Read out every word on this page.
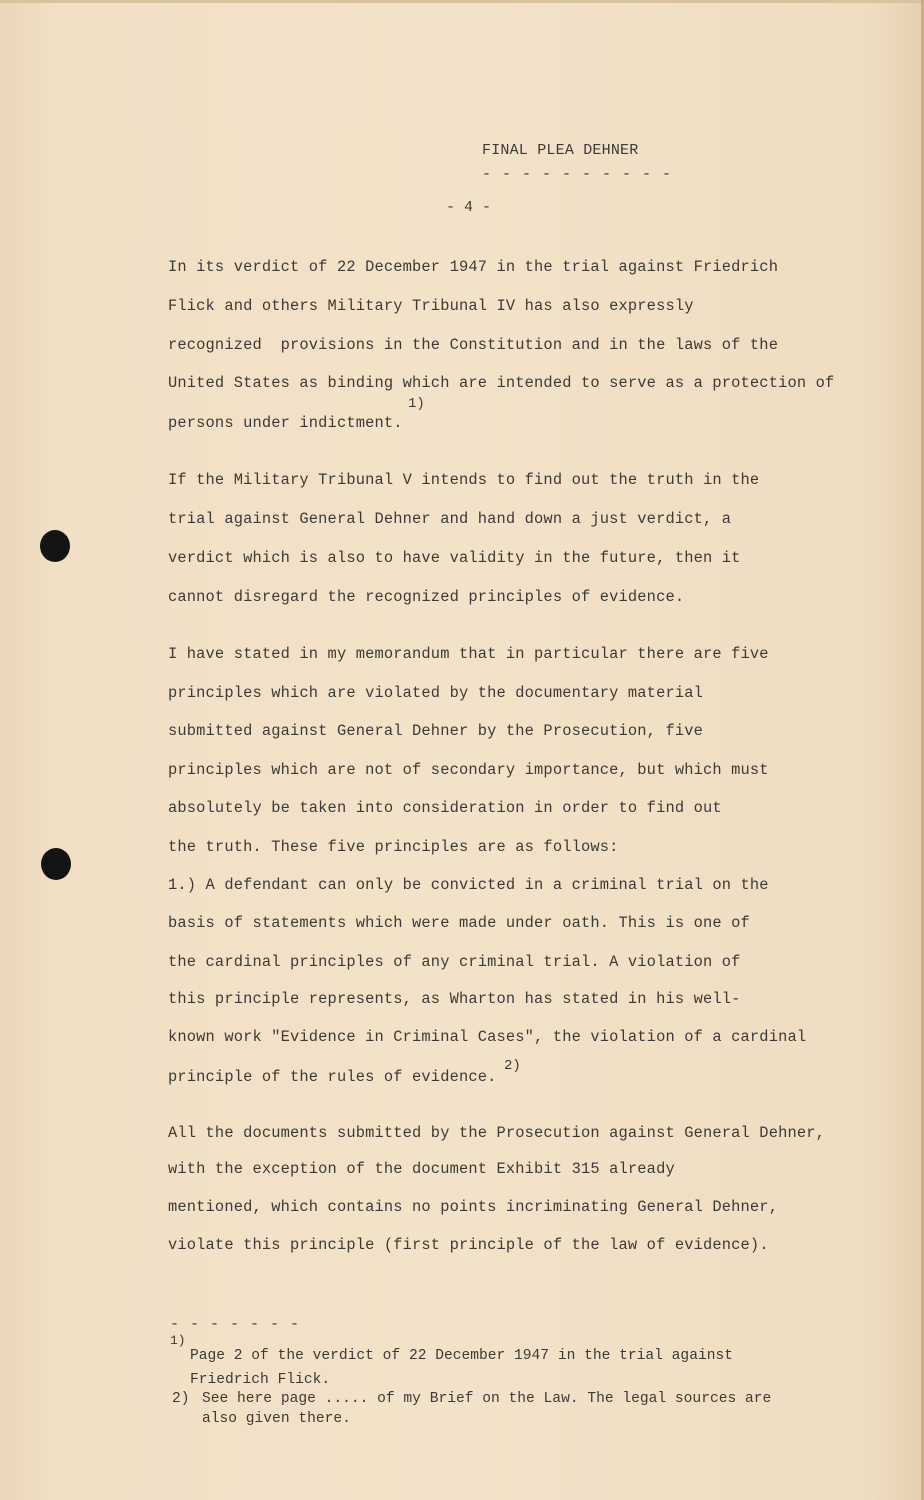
FINAL PLEA DEHNER
- - - - - - - - - -
- 4 -
In its verdict of 22 December 1947 in the trial against Friedrich
Flick and others Military Tribunal IV has also expressly
recognized  provisions in the Constitution and in the laws of the
United States as binding which are intended to serve as a protection of
persons under indictment.
1)
If the Military Tribunal V intends to find out the truth in the
trial against General Dehner and hand down a just verdict, a
verdict which is also to have validity in the future, then it
cannot disregard the recognized principles of evidence.
I have stated in my memorandum that in particular there are five
principles which are violated by the documentary material
submitted against General Dehner by the Prosecution, five
principles which are not of secondary importance, but which must
absolutely be taken into consideration in order to find out
the truth. These five principles are as follows:
1.) A defendant can only be convicted in a criminal trial on the
basis of statements which were made under oath. This is one of
the cardinal principles of any criminal trial. A violation of
this principle represents, as Wharton has stated in his well-
known work "Evidence in Criminal Cases", the violation of a cardinal
principle of the rules of evidence.
2)
All the documents submitted by the Prosecution against General Dehner,
with the exception of the document Exhibit 315 already
mentioned, which contains no points incriminating General Dehner,
violate this principle (first principle of the law of evidence).
- - - - - - -
1)
Page 2 of the verdict of 22 December 1947 in the trial against
Friedrich Flick.
2) See here page ..... of my Brief on the Law. The legal sources are
also given there.
